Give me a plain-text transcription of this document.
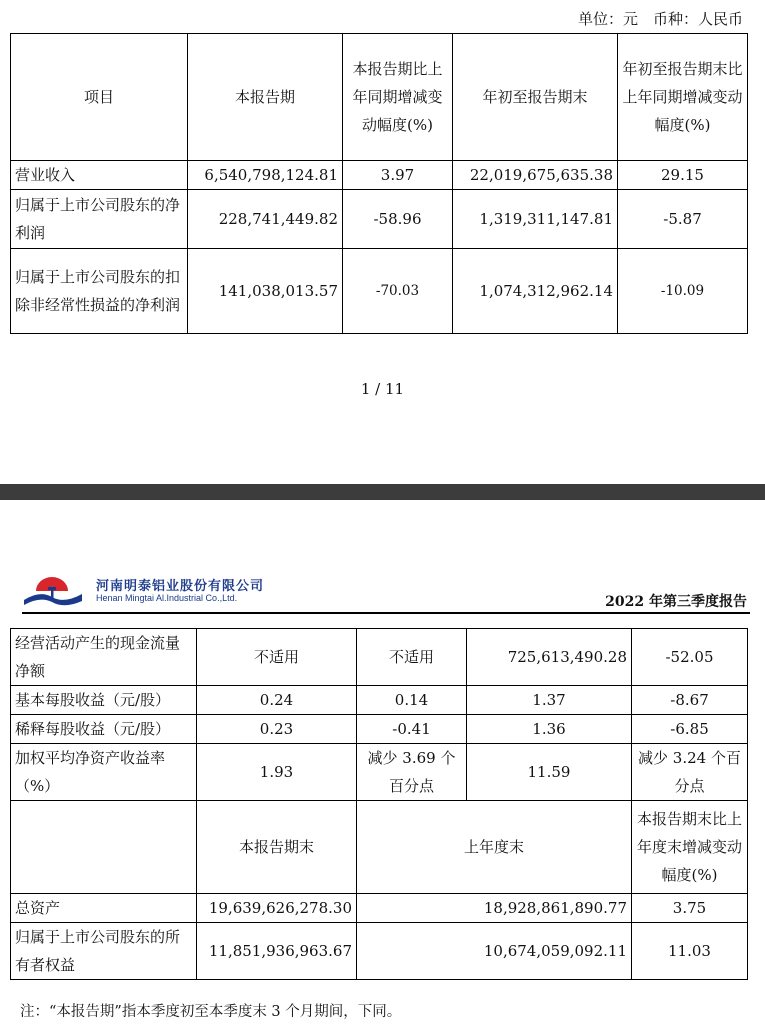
单位：元　币种：人民币
项目	本报告期	本报告期比上年同期增减变动幅度(%)	年初至报告期末	年初至报告期末比上年同期增减变动幅度(%)
营业收入	6,540,798,124.81	3.97	22,019,675,635.38	29.15
归属于上市公司股东的净利润	228,741,449.82	-58.96	1,319,311,147.81	-5.87
归属于上市公司股东的扣除非经常性损益的净利润	141,038,013.57	-70.03	1,074,312,962.14	-10.09
1 / 11
河南明泰铝业股份有限公司
Henan Mingtai Al.Industrial Co.,Ltd.	2022 年第三季度报告
经营活动产生的现金流量净额	不适用	不适用	725,613,490.28	-52.05
基本每股收益（元/股）	0.24	0.14	1.37	-8.67
稀释每股收益（元/股）	0.23	-0.41	1.36	-6.85
加权平均净资产收益率（%）	1.93	减少 3.69 个百分点	11.59	减少 3.24 个百分点
	本报告期末	上年度末		本报告期末比上年度末增减变动幅度(%)
总资产	19,639,626,278.30	18,928,861,890.77		3.75
归属于上市公司股东的所有者权益	11,851,936,963.67	10,674,059,092.11		11.03
注：“本报告期”指本季度初至本季度末 3 个月期间，下同。
